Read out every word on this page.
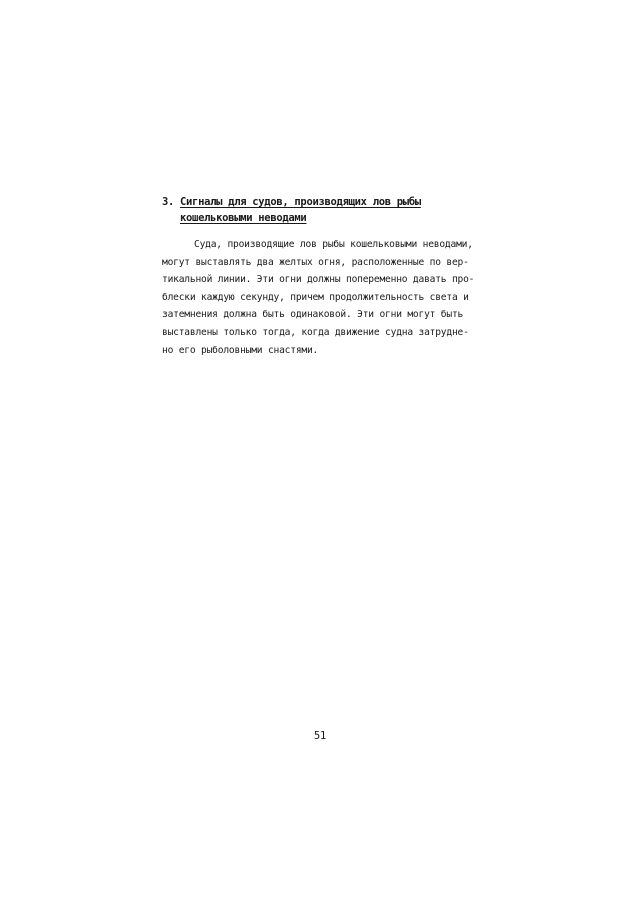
3. Сигналы для судов, производящих лов рыбы
кошельковыми неводами
Суда, производящие лов рыбы кошельковыми неводами,
могут выставлять два желтых огня, расположенные по вер-
тикальной линии. Эти огни должны попеременно давать про-
блески каждую секунду, причем продолжительность света и
затемнения должна быть одинаковой. Эти огни могут быть
выставлены только тогда, когда движение судна затрудне-
но его рыболовными снастями.
51
